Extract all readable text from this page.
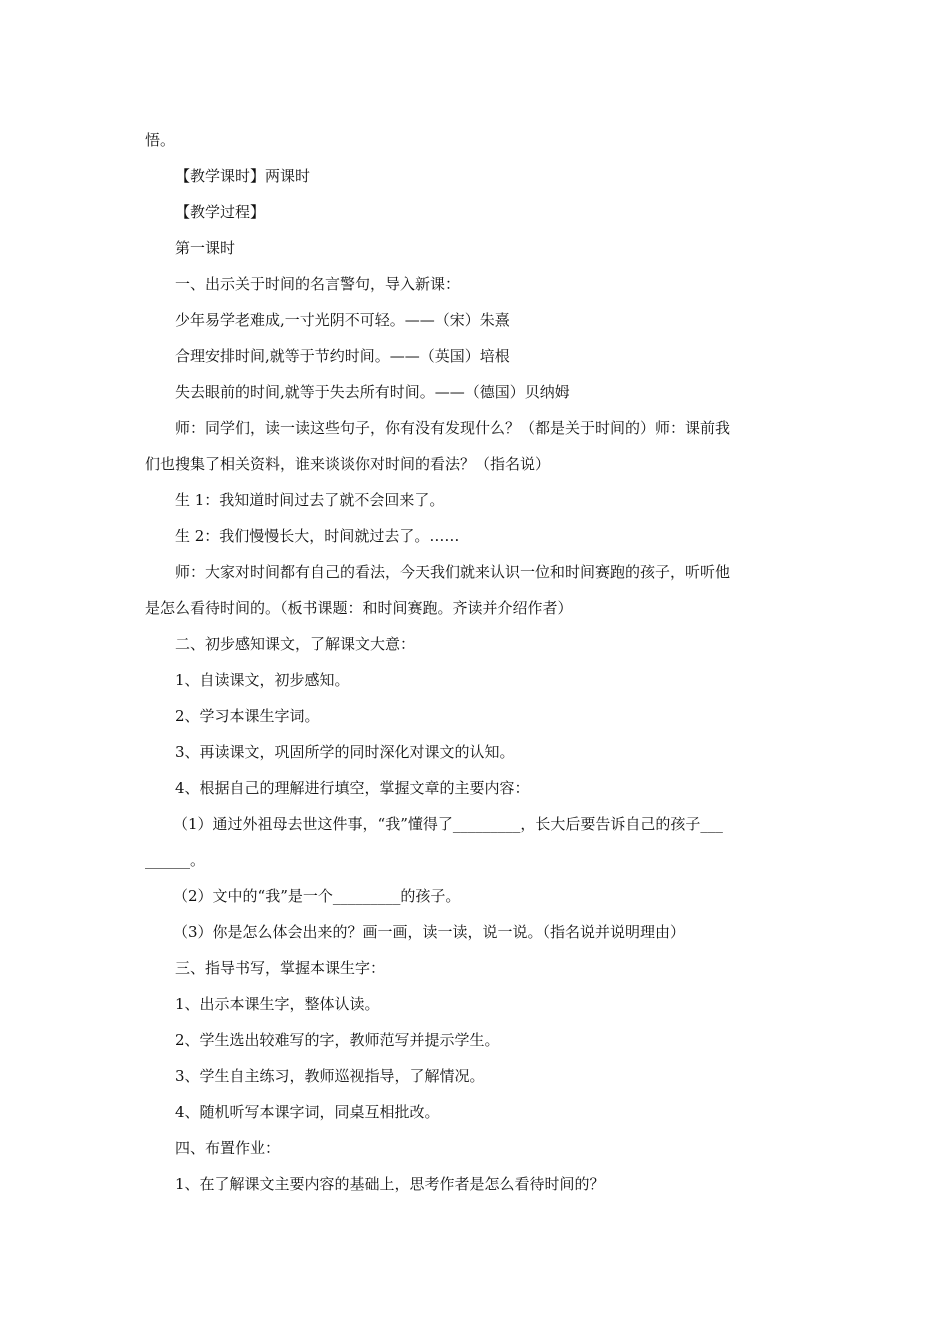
悟。
【教学课时】两课时
【教学过程】
第一课时
一、出示关于时间的名言警句，导入新课：
少年易学老难成,一寸光阴不可轻。——（宋）朱熹
合理安排时间,就等于节约时间。——（英国）培根
失去眼前的时间,就等于失去所有时间。——（德国）贝纳姆
师：同学们，读一读这些句子，你有没有发现什么？（都是关于时间的）师：课前我
们也搜集了相关资料，谁来谈谈你对时间的看法？（指名说）
生 1：我知道时间过去了就不会回来了。
生 2：我们慢慢长大，时间就过去了。……
师：大家对时间都有自己的看法，今天我们就来认识一位和时间赛跑的孩子，听听他
是怎么看待时间的。（板书课题：和时间赛跑。齐读并介绍作者）
二、初步感知课文，了解课文大意：
1、自读课文，初步感知。
2、学习本课生字词。
3、再读课文，巩固所学的同时深化对课文的认知。
4、根据自己的理解进行填空，掌握文章的主要内容：
（1）通过外祖母去世这件事，“我”懂得了_________，长大后要告诉自己的孩子___
______。
（2）文中的“我”是一个_________的孩子。
（3）你是怎么体会出来的？画一画，读一读，说一说。（指名说并说明理由）
三、指导书写，掌握本课生字：
1、出示本课生字，整体认读。
2、学生选出较难写的字，教师范写并提示学生。
3、学生自主练习，教师巡视指导，了解情况。
4、随机听写本课字词，同桌互相批改。
四、布置作业：
1、在了解课文主要内容的基础上，思考作者是怎么看待时间的？
